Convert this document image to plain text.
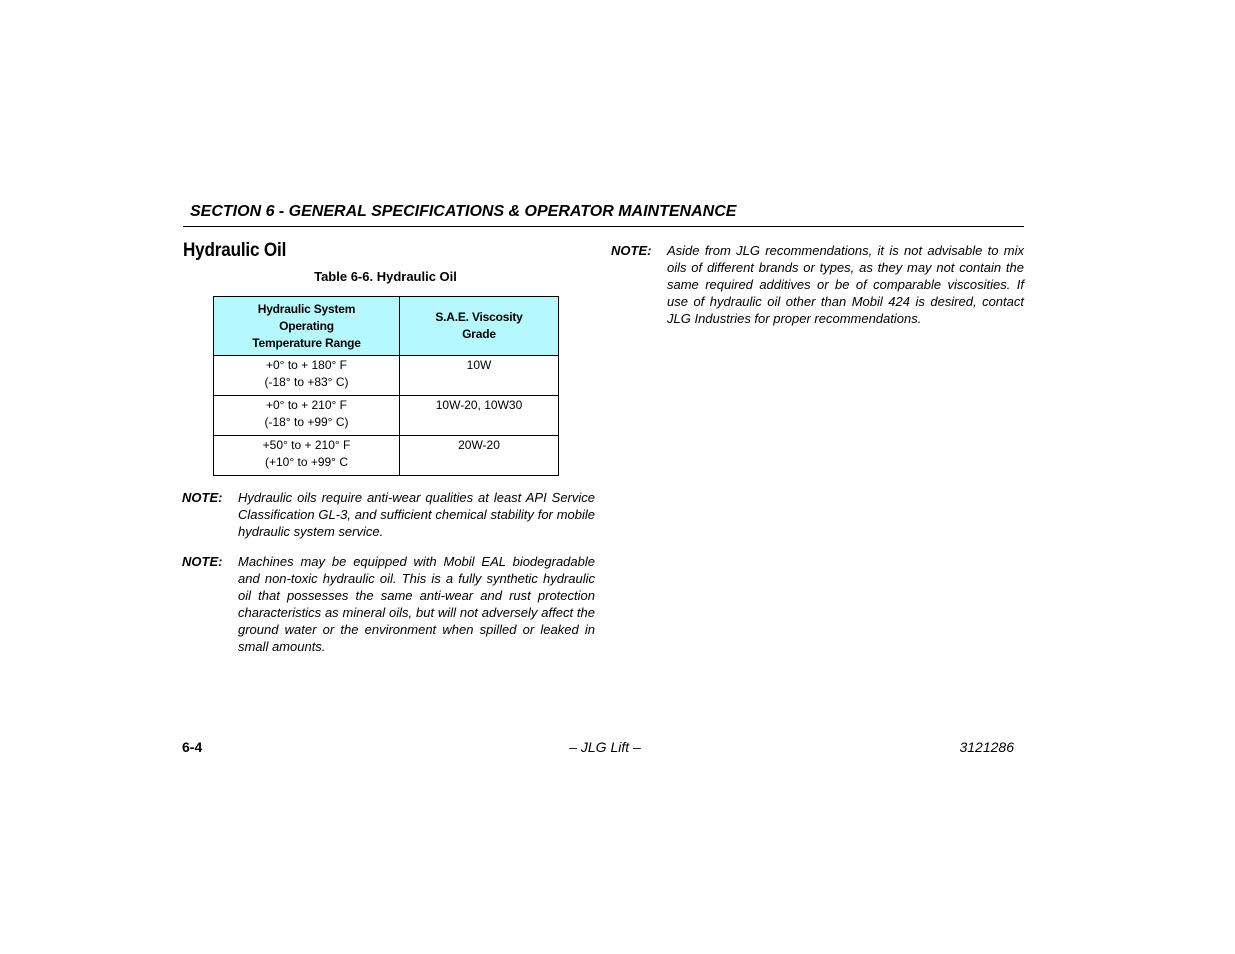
SECTION 6 - GENERAL SPECIFICATIONS & OPERATOR MAINTENANCE
Hydraulic Oil
Table 6-6. Hydraulic Oil
Hydraulic System
Operating
Temperature Range	S.A.E. Viscosity
Grade

+0° to + 180° F
(-18° to +83° C)	10W

+0° to + 210° F
(-18° to +99° C)	10W-20, 10W30

+50° to + 210° F
(+10° to +99° C	20W-20
NOTE: Hydraulic oils require anti-wear qualities at least API Service Classification GL-3, and sufficient chemical stability for mobile hydraulic system service.
NOTE: Machines may be equipped with Mobil EAL biodegradable and non-toxic hydraulic oil. This is a fully synthetic hydraulic oil that possesses the same anti-wear and rust protection characteristics as mineral oils, but will not adversely affect the ground water or the environment when spilled or leaked in small amounts.
NOTE: Aside from JLG recommendations, it is not advisable to mix oils of different brands or types, as they may not contain the same required additives or be of comparable viscosities. If use of hydraulic oil other than Mobil 424 is desired, contact JLG Industries for proper recommendations.
6-4	– JLG Lift –	3121286
